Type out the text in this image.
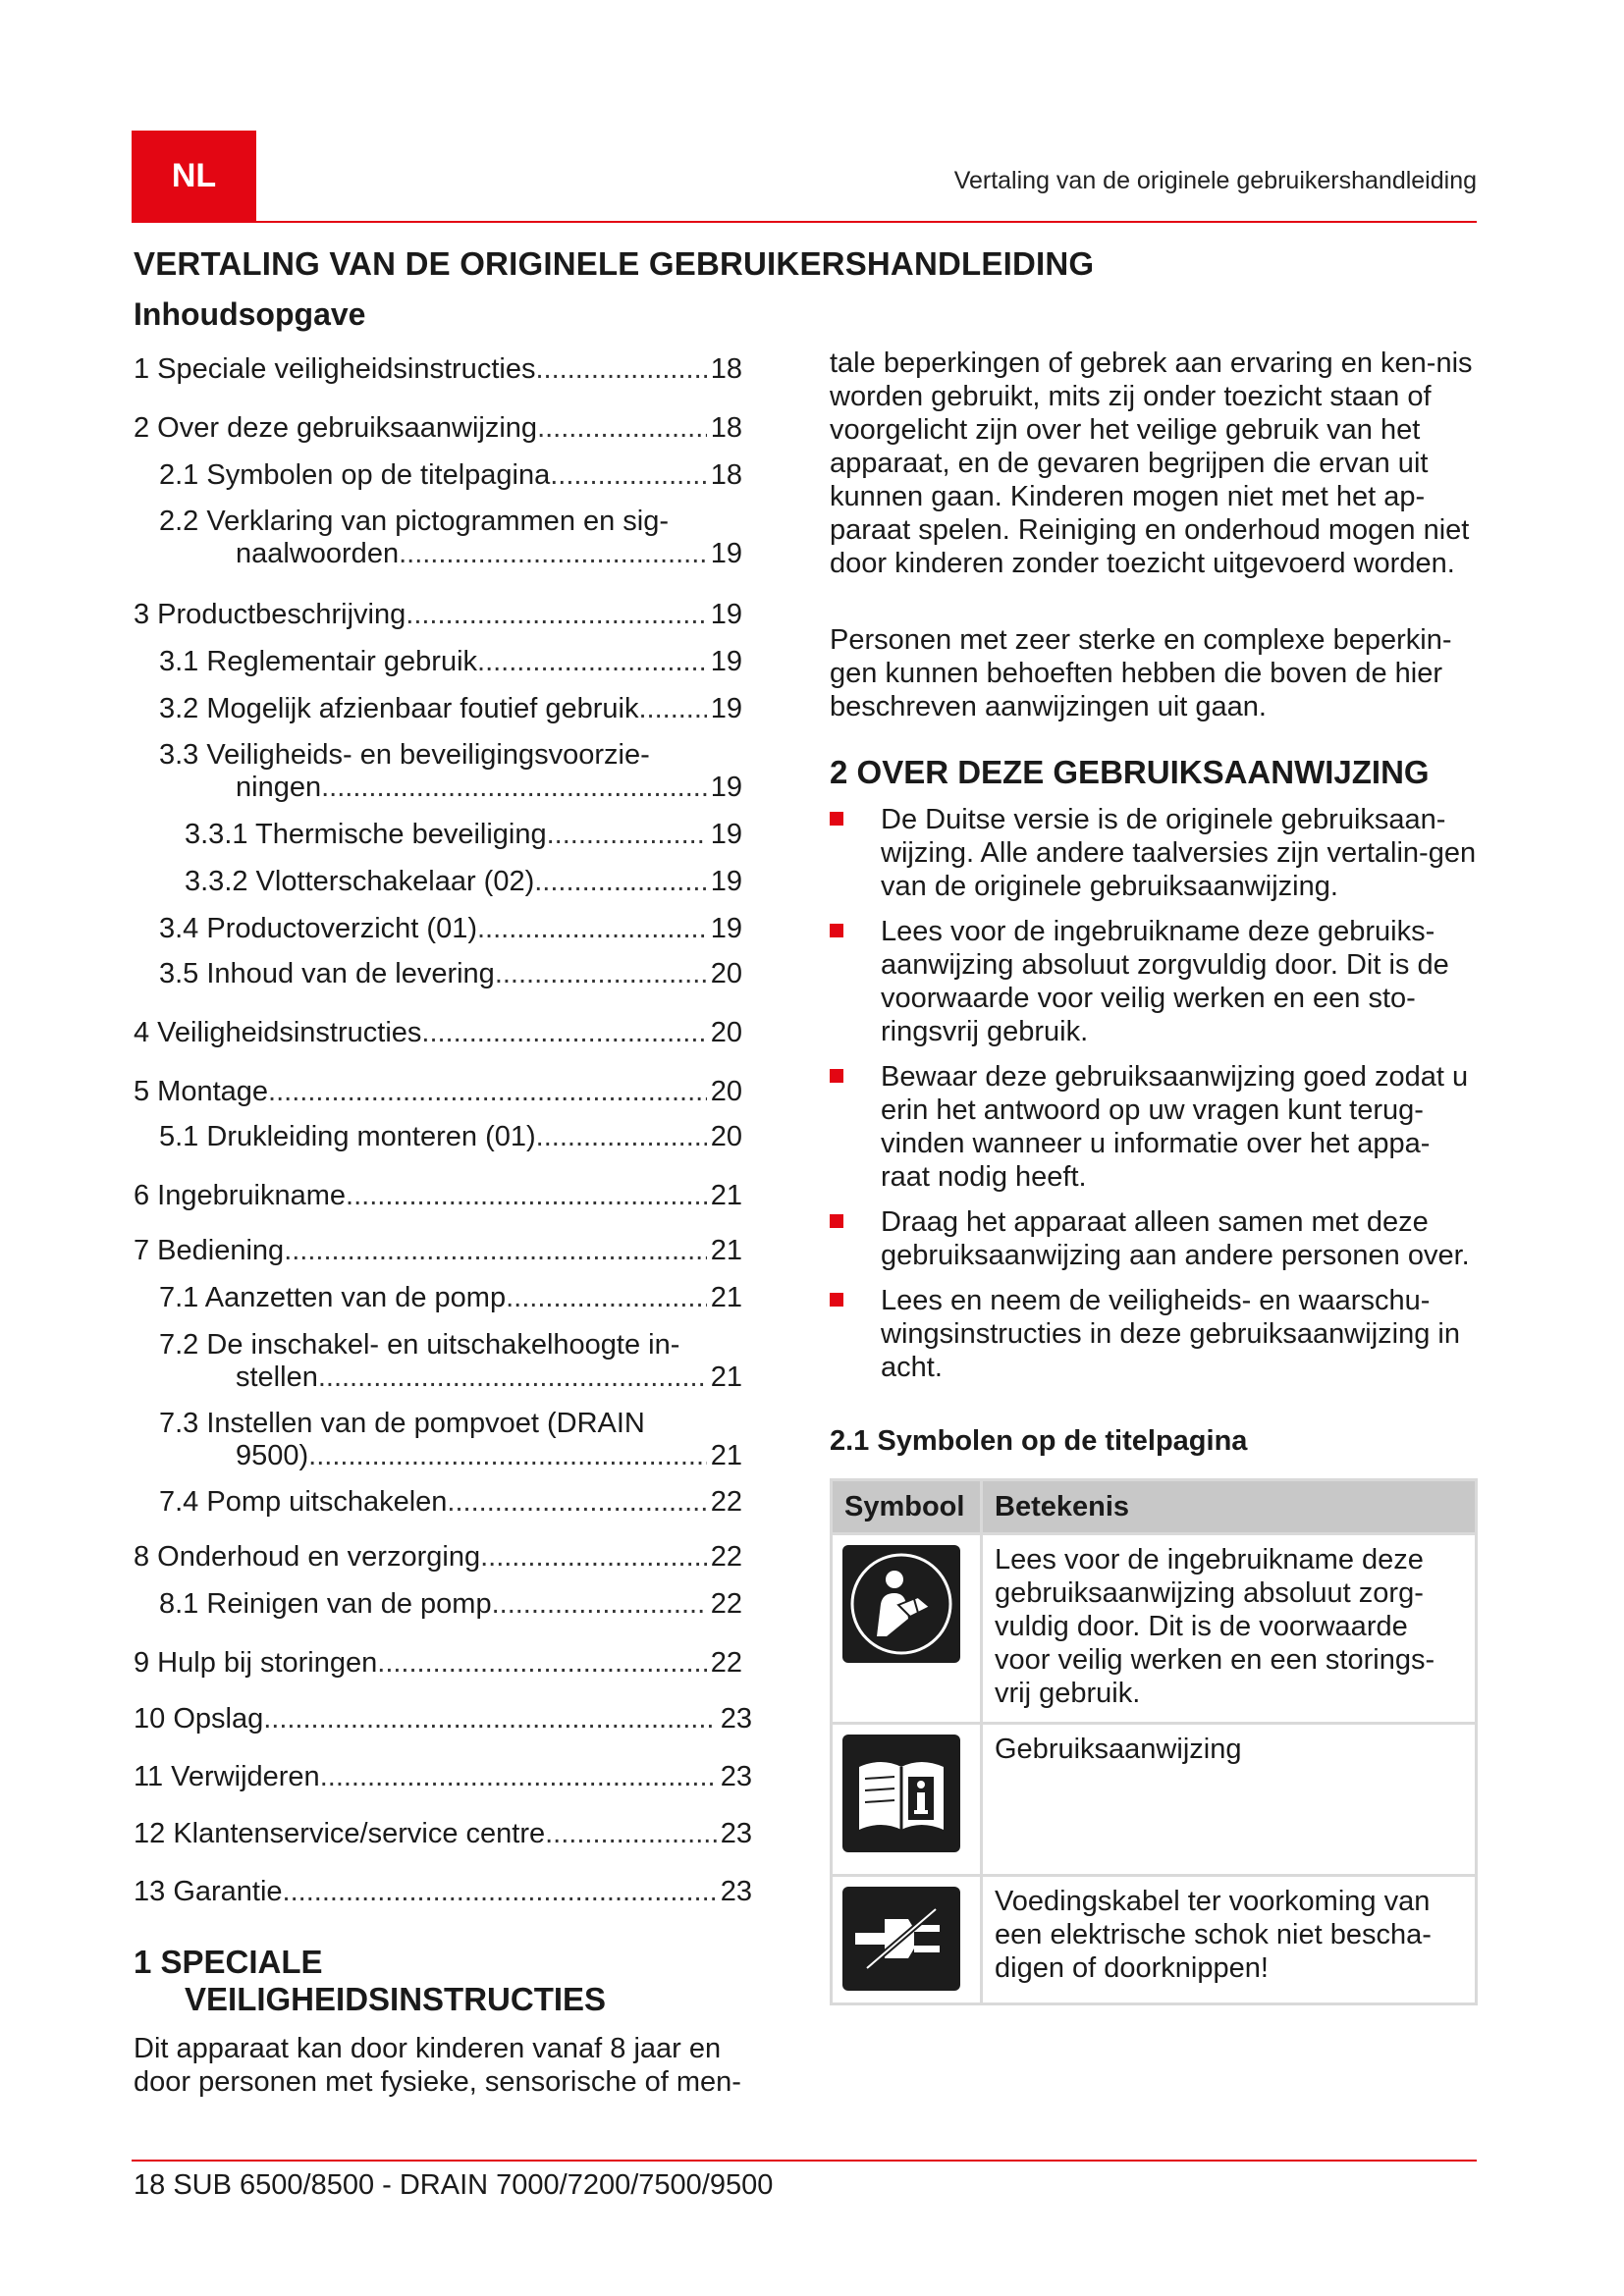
NL	Vertaling van de originele gebruikershandleiding
VERTALING VAN DE ORIGINELE GEBRUIKERSHANDLEIDING
Inhoudsopgave
1 Speciale veiligheidsinstructies .....	18
2 Over deze gebruiksaanwijzing .....	18
2.1 Symbolen op de titelpagina .....	18
2.2 Verklaring van pictogrammen en sig-
naalwoorden .....	19
3 Productbeschrijving .....	19
3.1 Reglementair gebruik .....	19
3.2 Mogelijk afzienbaar foutief gebruik .....	19
3.3 Veiligheids- en beveiligingsvoorzie-
ningen .....	19
3.3.1 Thermische beveiliging .....	19
3.3.2 Vlotterschakelaar (02) .....	19
3.4 Productoverzicht (01) .....	19
3.5 Inhoud van de levering .....	20
4 Veiligheidsinstructies .....	20
5 Montage .....	20
5.1 Drukleiding monteren (01) .....	20
6 Ingebruikname .....	21
7 Bediening .....	21
7.1 Aanzetten van de pomp .....	21
7.2 De inschakel- en uitschakelhoogte in-
stellen .....	21
7.3 Instellen van de pompvoet (DRAIN
9500) .....	21
7.4 Pomp uitschakelen .....	22
8 Onderhoud en verzorging .....	22
8.1 Reinigen van de pomp .....	22
9 Hulp bij storingen .....	22
10 Opslag .....	23
11 Verwijderen .....	23
12 Klantenservice/service centre .....	23
13 Garantie .....	23
1 SPECIALE
VEILIGHEIDSINSTRUCTIES
Dit apparaat kan door kinderen vanaf 8 jaar en door personen met fysieke, sensorische of men-
tale beperkingen of gebrek aan ervaring en ken-nis worden gebruikt, mits zij onder toezicht staan of voorgelicht zijn over het veilige gebruik van het apparaat, en de gevaren begrijpen die ervan uit kunnen gaan. Kinderen mogen niet met het ap-paraat spelen. Reiniging en onderhoud mogen niet door kinderen zonder toezicht uitgevoerd worden.
Personen met zeer sterke en complexe beperkin-gen kunnen behoeften hebben die boven de hier beschreven aanwijzingen uit gaan.
2 OVER DEZE GEBRUIKSAANWIJZING
De Duitse versie is de originele gebruiksaan-wijzing. Alle andere taalversies zijn vertalin-gen van de originele gebruiksaanwijzing.
Lees voor de ingebruikname deze gebruiks-aanwijzing absoluut zorgvuldig door. Dit is de voorwaarde voor veilig werken en een sto-ringsvrij gebruik.
Bewaar deze gebruiksaanwijzing goed zodat u erin het antwoord op uw vragen kunt terug-vinden wanneer u informatie over het appa-raat nodig heeft.
Draag het apparaat alleen samen met deze gebruiksaanwijzing aan andere personen over.
Lees en neem de veiligheids- en waarschu-wingsinstructies in deze gebruiksaanwijzing in acht.
2.1 Symbolen op de titelpagina
Symbool	Betekenis

	Lees voor de ingebruikname deze gebruiksaanwijzing absoluut zorg-vuldig door. Dit is de voorwaarde voor veilig werken en een storings-vrij gebruik.

	Gebruiksaanwijzing

	Voedingskabel ter voorkoming van een elektrische schok niet bescha-digen of doorknippen!
18 SUB 6500/8500 - DRAIN 7000/7200/7500/9500
